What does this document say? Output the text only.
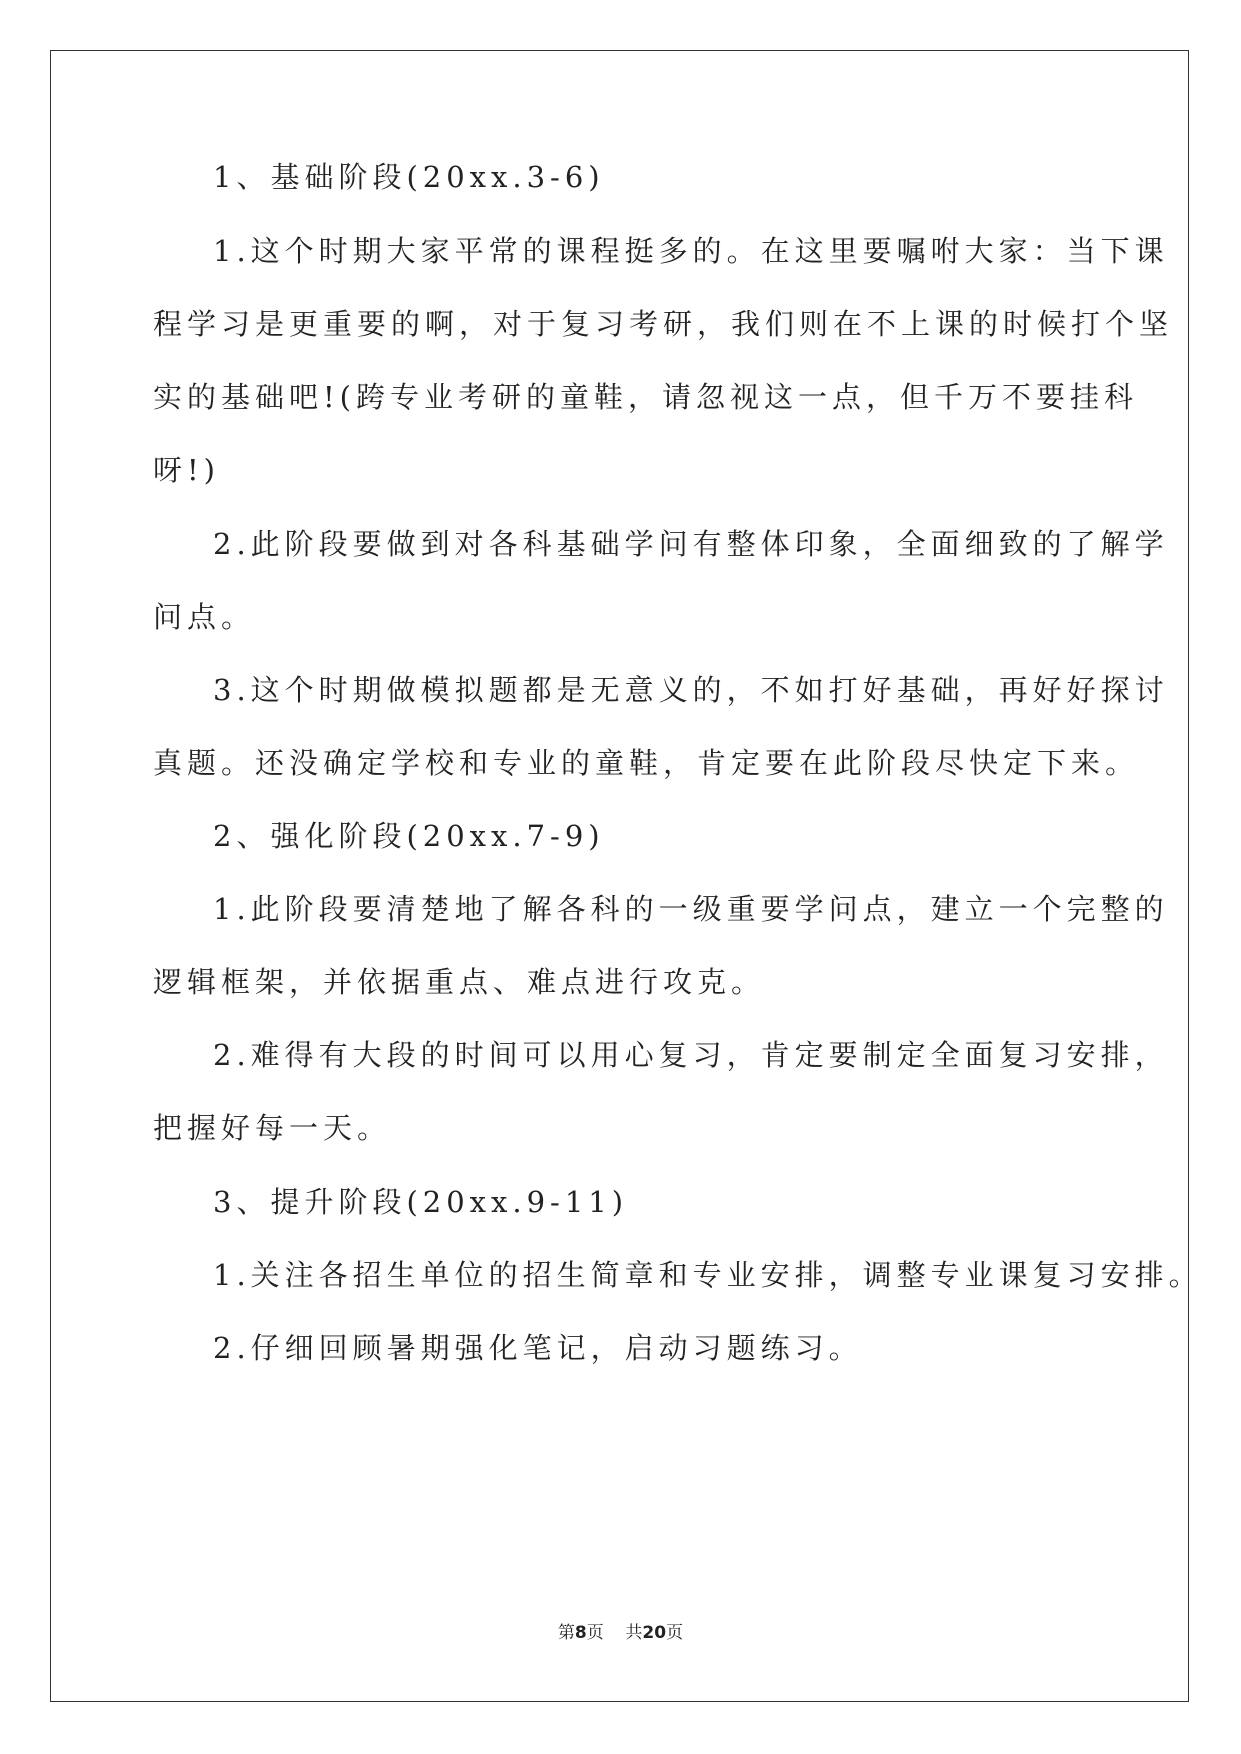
1、基础阶段(20xx.3-6)
1.这个时期大家平常的课程挺多的。在这里要嘱咐大家：当下课
程学习是更重要的啊，对于复习考研，我们则在不上课的时候打个坚
实的基础吧!(跨专业考研的童鞋，请忽视这一点，但千万不要挂科
呀!)
2.此阶段要做到对各科基础学问有整体印象，全面细致的了解学
问点。
3.这个时期做模拟题都是无意义的，不如打好基础，再好好探讨
真题。还没确定学校和专业的童鞋，肯定要在此阶段尽快定下来。
2、强化阶段(20xx.7-9)
1.此阶段要清楚地了解各科的一级重要学问点，建立一个完整的
逻辑框架，并依据重点、难点进行攻克。
2.难得有大段的时间可以用心复习，肯定要制定全面复习安排，
把握好每一天。
3、提升阶段(20xx.9-11)
1.关注各招生单位的招生简章和专业安排，调整专业课复习安排。
2.仔细回顾暑期强化笔记，启动习题练习。
第8页    共20页
